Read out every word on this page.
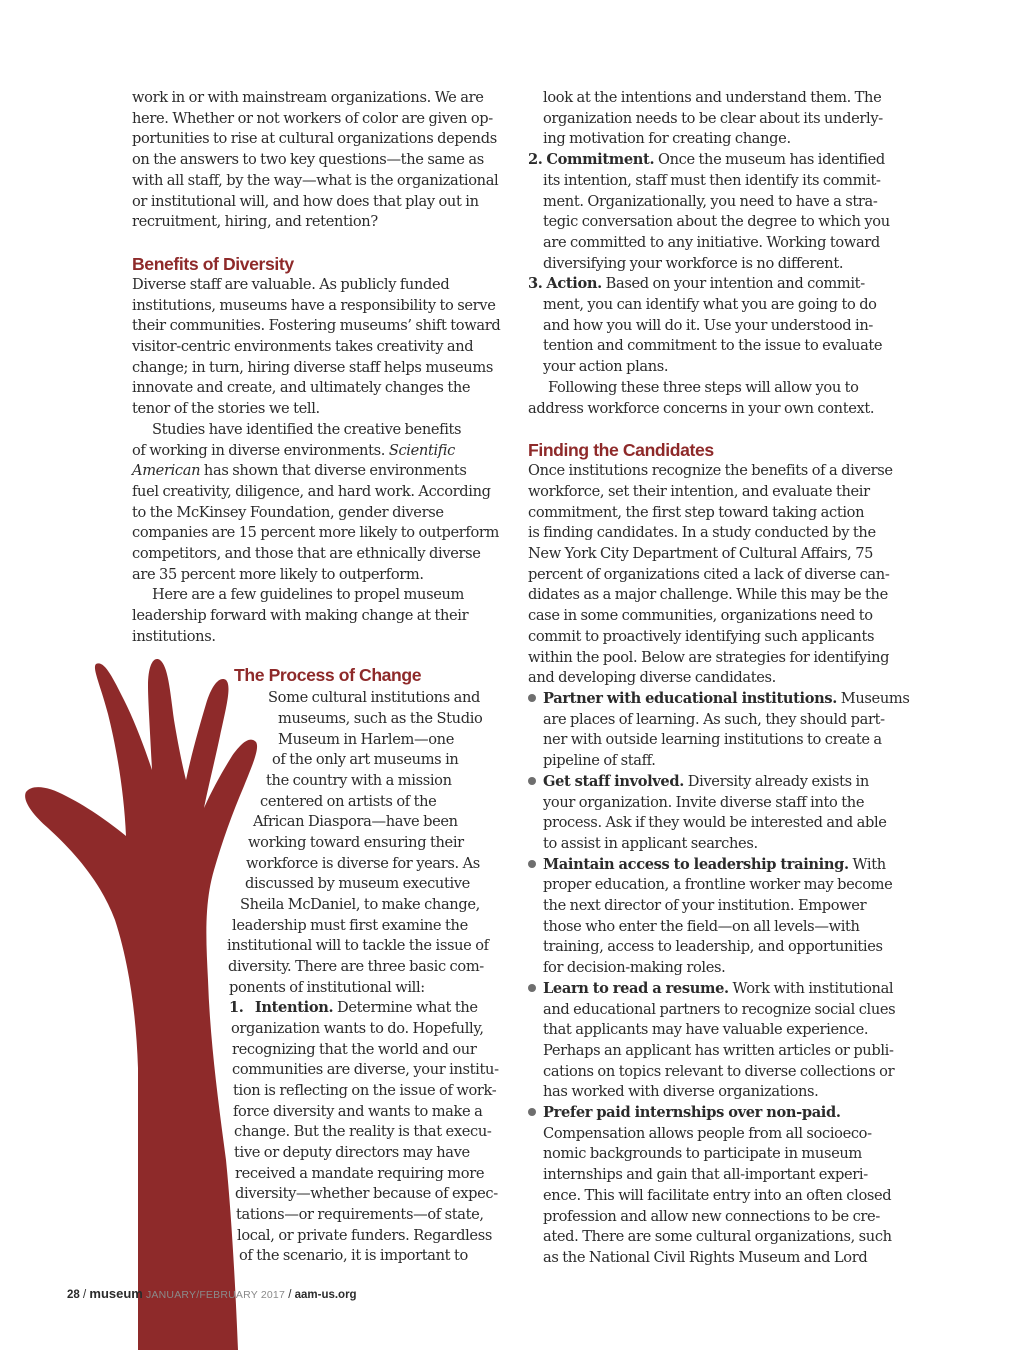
work in or with mainstream organizations. We are
here. Whether or not workers of color are given op-
portunities to rise at cultural organizations depends
on the answers to two key questions—the same as
with all staff, by the way—what is the organizational
or institutional will, and how does that play out in
recruitment, hiring, and retention?
Benefits of Diversity
Diverse staff are valuable. As publicly funded
institutions, museums have a responsibility to serve
their communities. Fostering museums’ shift toward
visitor-centric environments takes creativity and
change; in turn, hiring diverse staff helps museums
innovate and create, and ultimately changes the
tenor of the stories we tell.
Studies have identified the creative benefits
of working in diverse environments. Scientific
American has shown that diverse environments
fuel creativity, diligence, and hard work. According
to the McKinsey Foundation, gender diverse
companies are 15 percent more likely to outperform
competitors, and those that are ethnically diverse
are 35 percent more likely to outperform.
Here are a few guidelines to propel museum
leadership forward with making change at their
institutions.
The Process of Change
Some cultural institutions and
museums, such as the Studio
Museum in Harlem—one
of the only art museums in
the country with a mission
centered on artists of the
African Diaspora—have been
working toward ensuring their
workforce is diverse for years. As
discussed by museum executive
Sheila McDaniel, to make change,
leadership must first examine the
institutional will to tackle the issue of
diversity. There are three basic com-
ponents of institutional will:
1. Intention. Determine what the
organization wants to do. Hopefully,
recognizing that the world and our
communities are diverse, your institu-
tion is reflecting on the issue of work-
force diversity and wants to make a
change. But the reality is that execu-
tive or deputy directors may have
received a mandate requiring more
diversity—whether because of expec-
tations—or requirements—of state,
local, or private funders. Regardless
of the scenario, it is important to
look at the intentions and understand them. The
organization needs to be clear about its underly-
ing motivation for creating change.
2. Commitment. Once the museum has identified
its intention, staff must then identify its commit-
ment. Organizationally, you need to have a stra-
tegic conversation about the degree to which you
are committed to any initiative. Working toward
diversifying your workforce is no different.
3. Action. Based on your intention and commit-
ment, you can identify what you are going to do
and how you will do it. Use your understood in-
tention and commitment to the issue to evaluate
your action plans.
Following these three steps will allow you to
address workforce concerns in your own context.
Finding the Candidates
Once institutions recognize the benefits of a diverse
workforce, set their intention, and evaluate their
commitment, the first step toward taking action
is finding candidates. In a study conducted by the
New York City Department of Cultural Affairs, 75
percent of organizations cited a lack of diverse can-
didates as a major challenge. While this may be the
case in some communities, organizations need to
commit to proactively identifying such applicants
within the pool. Below are strategies for identifying
and developing diverse candidates.
Partner with educational institutions. Museums
are places of learning. As such, they should part-
ner with outside learning institutions to create a
pipeline of staff.
Get staff involved. Diversity already exists in
your organization. Invite diverse staff into the
process. Ask if they would be interested and able
to assist in applicant searches.
Maintain access to leadership training. With
proper education, a frontline worker may become
the next director of your institution. Empower
those who enter the field—on all levels—with
training, access to leadership, and opportunities
for decision-making roles.
Learn to read a resume. Work with institutional
and educational partners to recognize social clues
that applicants may have valuable experience.
Perhaps an applicant has written articles or publi-
cations on topics relevant to diverse collections or
has worked with diverse organizations.
Prefer paid internships over non-paid.
Compensation allows people from all socioeco-
nomic backgrounds to participate in museum
internships and gain that all-important experi-
ence. This will facilitate entry into an often closed
profession and allow new connections to be cre-
ated. There are some cultural organizations, such
as the National Civil Rights Museum and Lord
28 / museum JANUARY/FEBRUARY 2017 / aam-us.org
